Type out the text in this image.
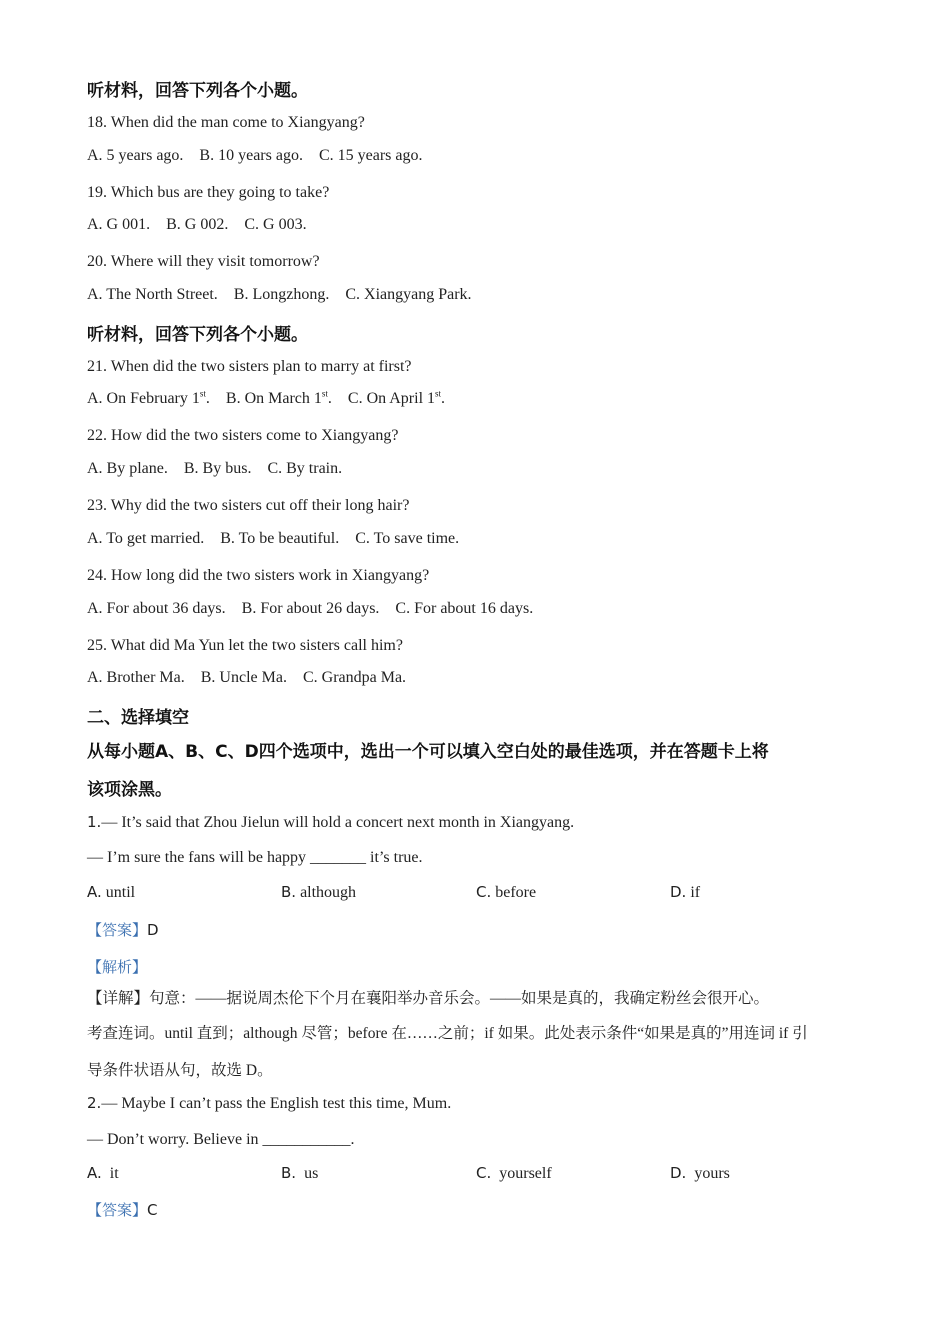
听材料，回答下列各个小题。
18. When did the man come to Xiangyang?
A. 5 years ago.    B. 10 years ago.    C. 15 years ago.
19. Which bus are they going to take?
A. G 001.    B. G 002.    C. G 003.
20. Where will they visit tomorrow?
A. The North Street.    B. Longzhong.    C. Xiangyang Park.
听材料，回答下列各个小题。
21. When did the two sisters plan to marry at first?
A. On February 1st.    B. On March 1st.    C. On April 1st.
22. How did the two sisters come to Xiangyang?
A. By plane.    B. By bus.    C. By train.
23. Why did the two sisters cut off their long hair?
A. To get married.    B. To be beautiful.    C. To save time.
24. How long did the two sisters work in Xiangyang?
A. For about 36 days.    B. For about 26 days.    C. For about 16 days.
25. What did Ma Yun let the two sisters call him?
A. Brother Ma.    B. Uncle Ma.    C. Grandpa Ma.
二、选择填空
从每小题A、B、C、D四个选项中，选出一个可以填入空白处的最佳选项，并在答题卡上将
该项涂黑。
1.— It’s said that Zhou Jielun will hold a concert next month in Xiangyang.
— I’m sure the fans will be happy _______ it’s true.
A. until	B. although	C. before	D. if
【答案】D
【解析】
【详解】句意：——据说周杰伦下个月在襄阳举办音乐会。——如果是真的，我确定粉丝会很开心。
考查连词。until 直到；although 尽管；before 在……之前；if 如果。此处表示条件“如果是真的”用连词 if 引
导条件状语从句，故选 D。
2.— Maybe I can’t pass the English test this time, Mum.
— Don’t worry. Believe in ___________.
A. it	B. us	C. yourself	D. yours
【答案】C
